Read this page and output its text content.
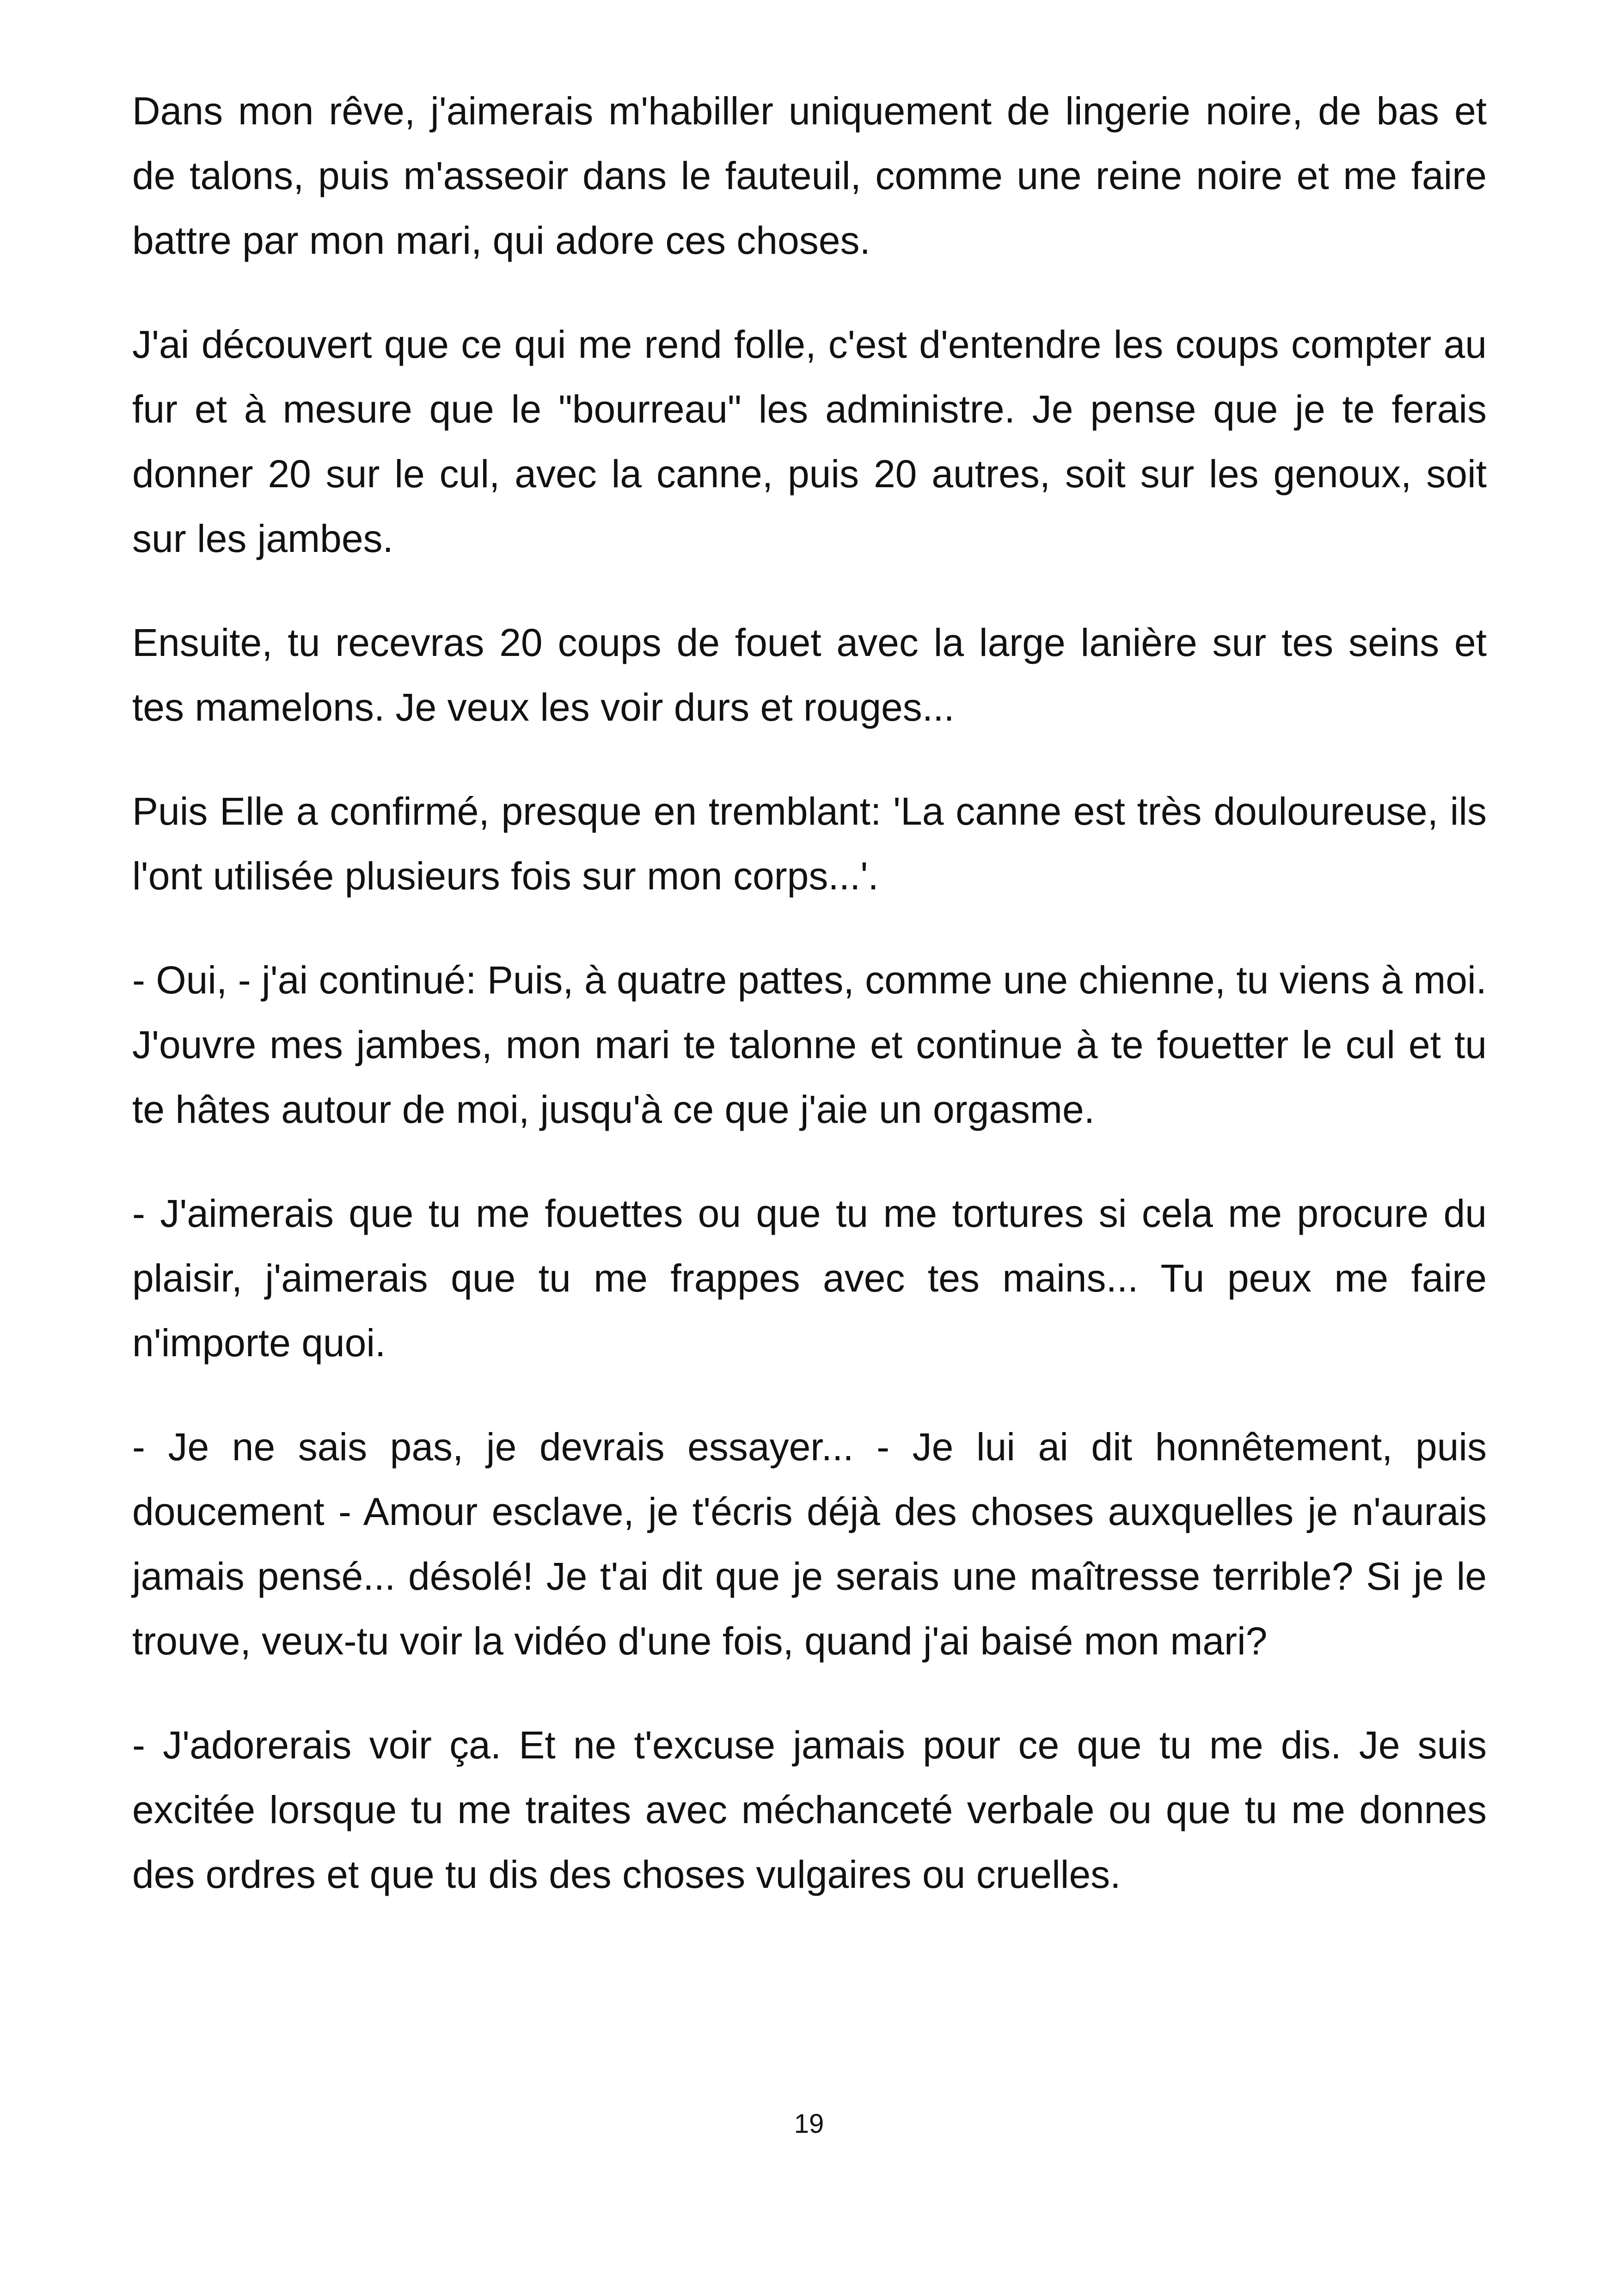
Dans mon rêve, j'aimerais m'habiller uniquement de lingerie noire, de bas et de talons, puis m'asseoir dans le fauteuil, comme une reine noire et me faire battre par mon mari, qui adore ces choses.

J'ai découvert que ce qui me rend folle, c'est d'entendre les coups compter au fur et à mesure que le "bourreau" les administre. Je pense que je te ferais donner 20 sur le cul, avec la canne, puis 20 autres, soit sur les genoux, soit sur les jambes.

Ensuite, tu recevras 20 coups de fouet avec la large lanière sur tes seins et tes mamelons. Je veux les voir durs et rouges...

Puis Elle a confirmé, presque en tremblant: 'La canne est très douloureuse, ils l'ont utilisée plusieurs fois sur mon corps...'.

- Oui, - j'ai continué: Puis, à quatre pattes, comme une chienne, tu viens à moi. J'ouvre mes jambes, mon mari te talonne et continue à te fouetter le cul et tu te hâtes autour de moi, jusqu'à ce que j'aie un orgasme.

- J'aimerais que tu me fouettes ou que tu me tortures si cela me procure du plaisir, j'aimerais que tu me frappes avec tes mains... Tu peux me faire n'importe quoi.

- Je ne sais pas, je devrais essayer... - Je lui ai dit honnêtement, puis doucement - Amour esclave, je t'écris déjà des choses auxquelles je n'aurais jamais pensé... désolé! Je t'ai dit que je serais une maîtresse terrible? Si je le trouve, veux-tu voir la vidéo d'une fois, quand j'ai baisé mon mari?

- J'adorerais voir ça. Et ne t'excuse jamais pour ce que tu me dis. Je suis excitée lorsque tu me traites avec méchanceté verbale ou que tu me donnes des ordres et que tu dis des choses vulgaires ou cruelles.

19
